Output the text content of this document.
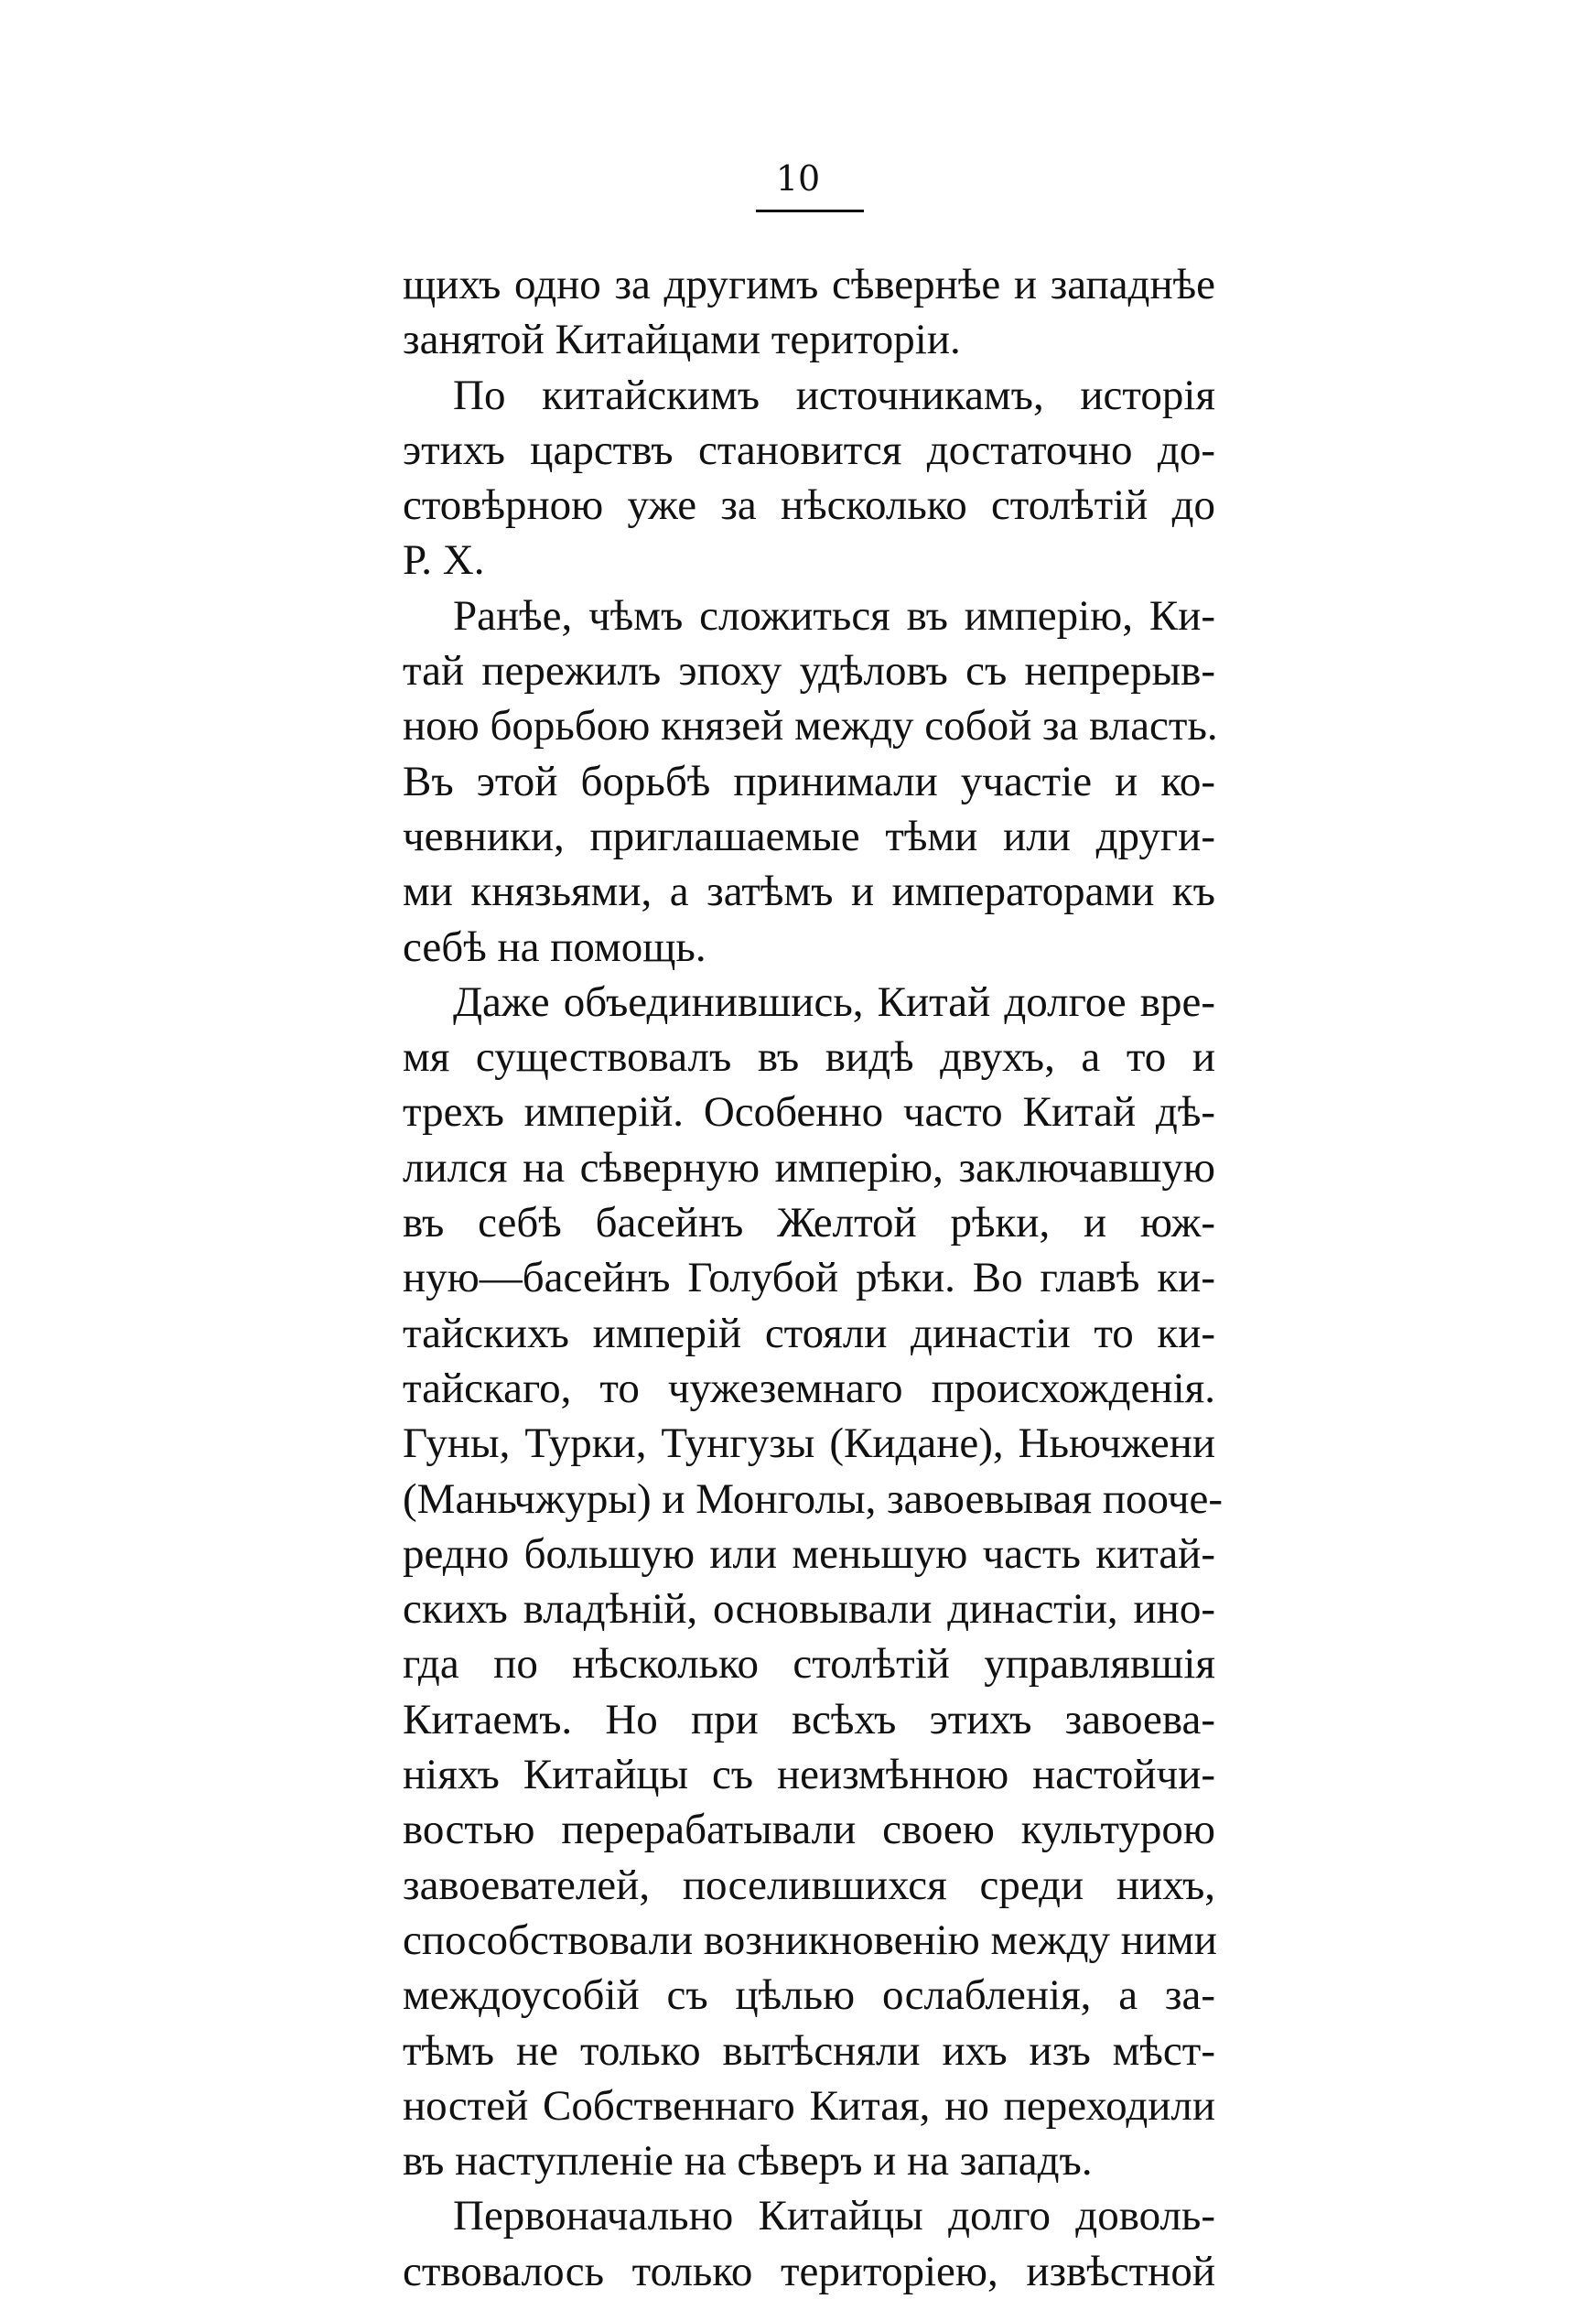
10
щихъ одно за другимъ сѣвернѣе и западнѣе
занятой Китайцами територіи.
По китайскимъ источникамъ, исторія
этихъ царствъ становится достаточно до-
стовѣрною уже за нѣсколько столѣтій до
Р. Х.
Ранѣе, чѣмъ сложиться въ имперію, Ки-
тай пережилъ эпоху удѣловъ съ непрерыв-
ною борьбою князей между собой за власть.
Въ этой борьбѣ принимали участіе и ко-
чевники, приглашаемые тѣми или други-
ми князьями, а затѣмъ и императорами къ
себѣ на помощь.
Даже объединившись, Китай долгое вре-
мя существовалъ въ видѣ двухъ, а то и
трехъ имперій. Особенно часто Китай дѣ-
лился на сѣверную имперію, заключавшую
въ себѣ басейнъ Желтой рѣки, и юж-
ную—басейнъ Голубой рѣки. Во главѣ ки-
тайскихъ имперій стояли династіи то ки-
тайскаго, то чужеземнаго происхожденія.
Гуны, Турки, Тунгузы (Кидане), Ньючжени
(Маньчжуры) и Монголы, завоевывая пооче-
редно большую или меньшую часть китай-
скихъ владѣній, основывали династіи, ино-
гда по нѣсколько столѣтій управлявшія
Китаемъ. Но при всѣхъ этихъ завоева-
ніяхъ Китайцы съ неизмѣнною настойчи-
востью перерабатывали своею культурою
завоевателей, поселившихся среди нихъ,
способствовали возникновенію между ними
междоусобій съ цѣлью ослабленія, а за-
тѣмъ не только вытѣсняли ихъ изъ мѣст-
ностей Собственнаго Китая, но переходили
въ наступленіе на сѣверъ и на западъ.
Первоначально Китайцы долго доволь-
ствовалось только територіею, извѣстной
